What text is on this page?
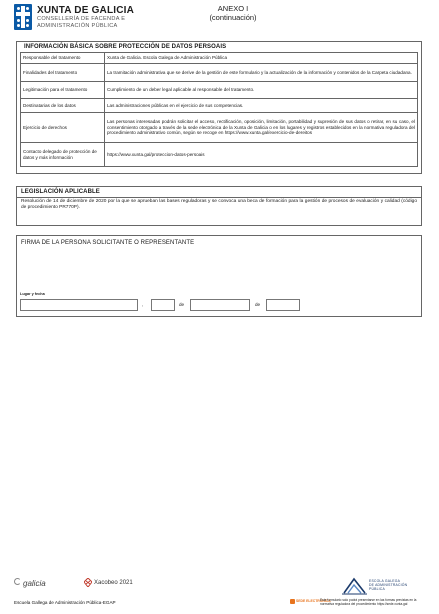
XUNTA DE GALICIA
CONSELLERÍA DE FACENDA E
ADMINISTRACIÓN PÚBLICA
ANEXO I
(continuación)
INFORMACIÓN BÁSICA SOBRE PROTECCIÓN DE DATOS PERSOAIS
Responsable del tratamento	Xunta de Galicia. Escola Galega de Administración Pública
Finalidades del tratamento	La tramitación administrativa que se derive de la gestión de este formulario y la actualización de la información y contenidos de la Carpeta ciudadana.
Legitimación para el tratamento	Cumplimiento de un deber legal aplicable al responsable del tratamento.
Destinatarias de los datos	Las administraciones públicas en el ejercicio de sus competencias.
Ejercicio de derechos	Las personas interesadas podrán solicitar el acceso, rectificación, oposición, limitación, portabilidad y supresión de sus datos o retirar, en su caso, el consentimiento otorgado a través de la sede electrónica de la Xunta de Galicia o en los lugares y registros establecidos en la normativa reguladora del procedimiento administrativo común, según se recoge en https://www.xunta.gal/exercicio-de-dereitos
Contacto delegado de protección de datos y más información	https://www.xunta.gal/proteccion-datos-persoais
LEGISLACIÓN APLICABLE
Resolución de 14 de diciembre de 2020 por la que se aprueban las bases reguladoras y se convoca una beca de formación para la gestión de procesos de evaluación y calidad (código de procedimiento PR770P).
FIRMA DE LA PERSONA SOLICITANTE O REPRESENTANTE
Lugar y fecha
,	de	de
galicia	Xacobeo 2021	ESCOLA GALEGA
DE ADMINISTRACIÓN
PÚBLICA
Escuela Gallega de Administración Pública-EGAP	SEDE ELECTRÓNICA
Este formulario solo podrá presentarse en las formas previstas en la normativa reguladora del procedimiento https://sede.xunta.gal
